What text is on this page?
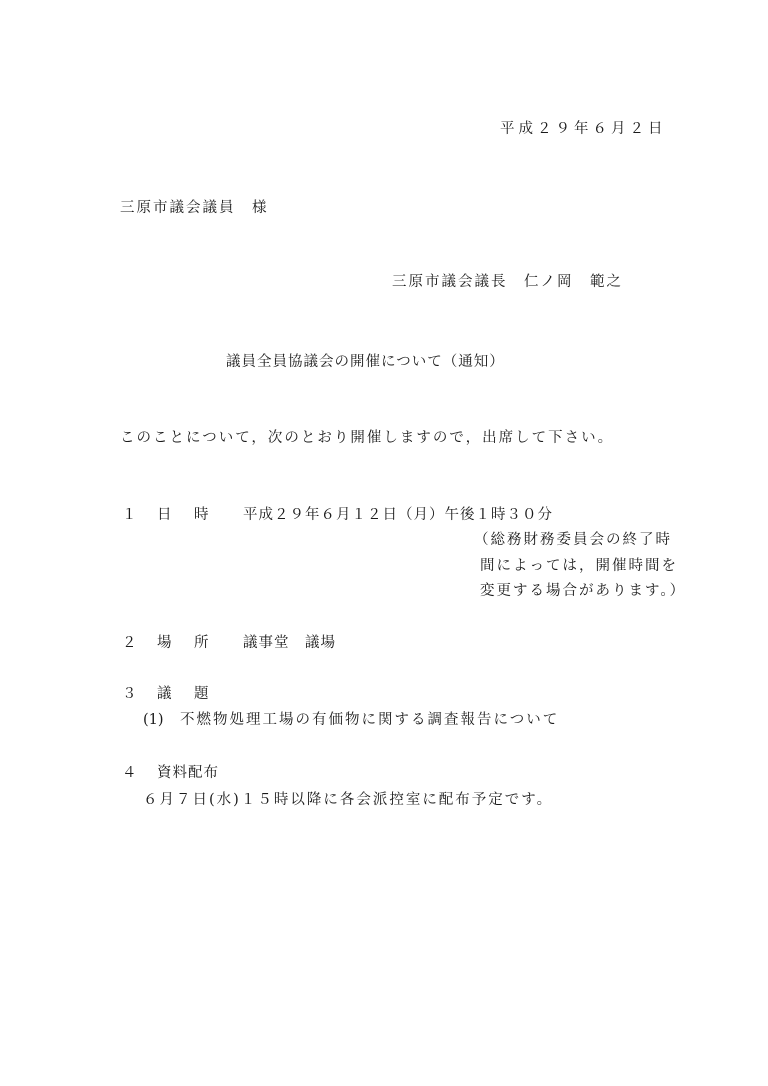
平成２９年６月２日
三原市議会議員　様
三原市議会議長　仁ノ岡　範之
議員全員協議会の開催について（通知）
このことについて，次のとおり開催しますので，出席して下さい。
１ 日　時 平成２９年６月１２日（月）午後１時３０分
（総務財務委員会の終了時
間によっては，開催時間を
変更する場合があります。）
２ 場　所 議事堂　議場
３ 議　題
(1) 不燃物処理工場の有価物に関する調査報告について
４ 資料配布
６月７日(水)１５時以降に各会派控室に配布予定です。
